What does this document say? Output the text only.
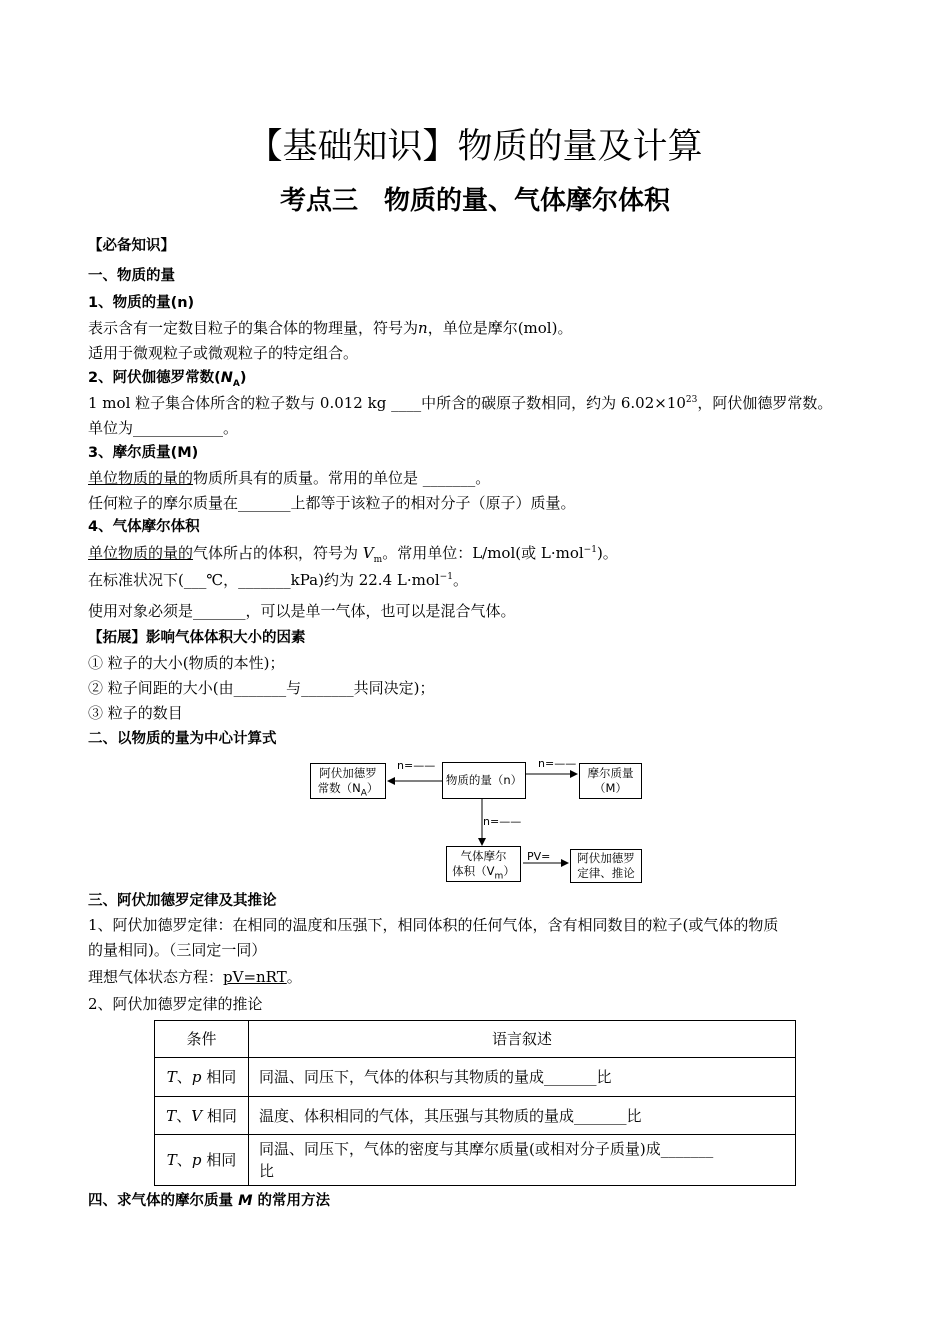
【基础知识】物质的量及计算
考点三　物质的量、气体摩尔体积
【必备知识】
一、物质的量
1、物质的量(n)
表示含有一定数目粒子的集合体的物理量，符号为n，单位是摩尔(mol)。
适用于微观粒子或微观粒子的特定组合。
2、阿伏伽德罗常数$(N_A)$
1 mol 粒子集合体所含的粒子数与 0.012 kg ____中所含的碳原子数相同，约为 $6.02\times 10^{23}$，阿伏伽德罗常数。
单位为____________。
3、摩尔质量(M)
单位物质的量的物质所具有的质量。常用的单位是 _______。
任何粒子的摩尔质量在_______上都等于该粒子的相对分子（原子）质量。
4、气体摩尔体积
单位物质的量的气体所占的体积，符号为 $V_m$。常用单位：L/mol(或 L·mol$^{-1}$)。
在标准状况下(___℃，_______kPa)约为 22.4 L·mol$^{-1}$。
使用对象必须是_______，可以是单一气体，也可以是混合气体。
【拓展】影响气体体积大小的因素
① 粒子的大小(物质的本性)；
② 粒子间距的大小(由_______与_______共同决定)；
③ 粒子的数目
二、以物质的量为中心计算式
物质的量（n）
阿伏加德罗
常数$(N_A)$
摩尔质量
（M）
气体摩尔
体积$(V_m)$
阿伏加德罗
定律、推论
n=——	n=——
n=——
PV=
三、阿伏加德罗定律及其推论
1、阿伏加德罗定律：在相同的温度和压强下，相同体积的任何气体，含有相同数目的粒子(或气体的物质
的量相同)。（三同定一同）
理想气体状态方程：pV=nRT。
2、阿伏加德罗定律的推论
条件	语言叙述
T、p 相同	同温、同压下，气体的体积与其物质的量成_______比
T、V 相同	温度、体积相同的气体，其压强与其物质的量成_______比
T、p 相同	同温、同压下，气体的密度与其摩尔质量(或相对分子质量)成_______
比
四、求气体的摩尔质量 M 的常用方法
